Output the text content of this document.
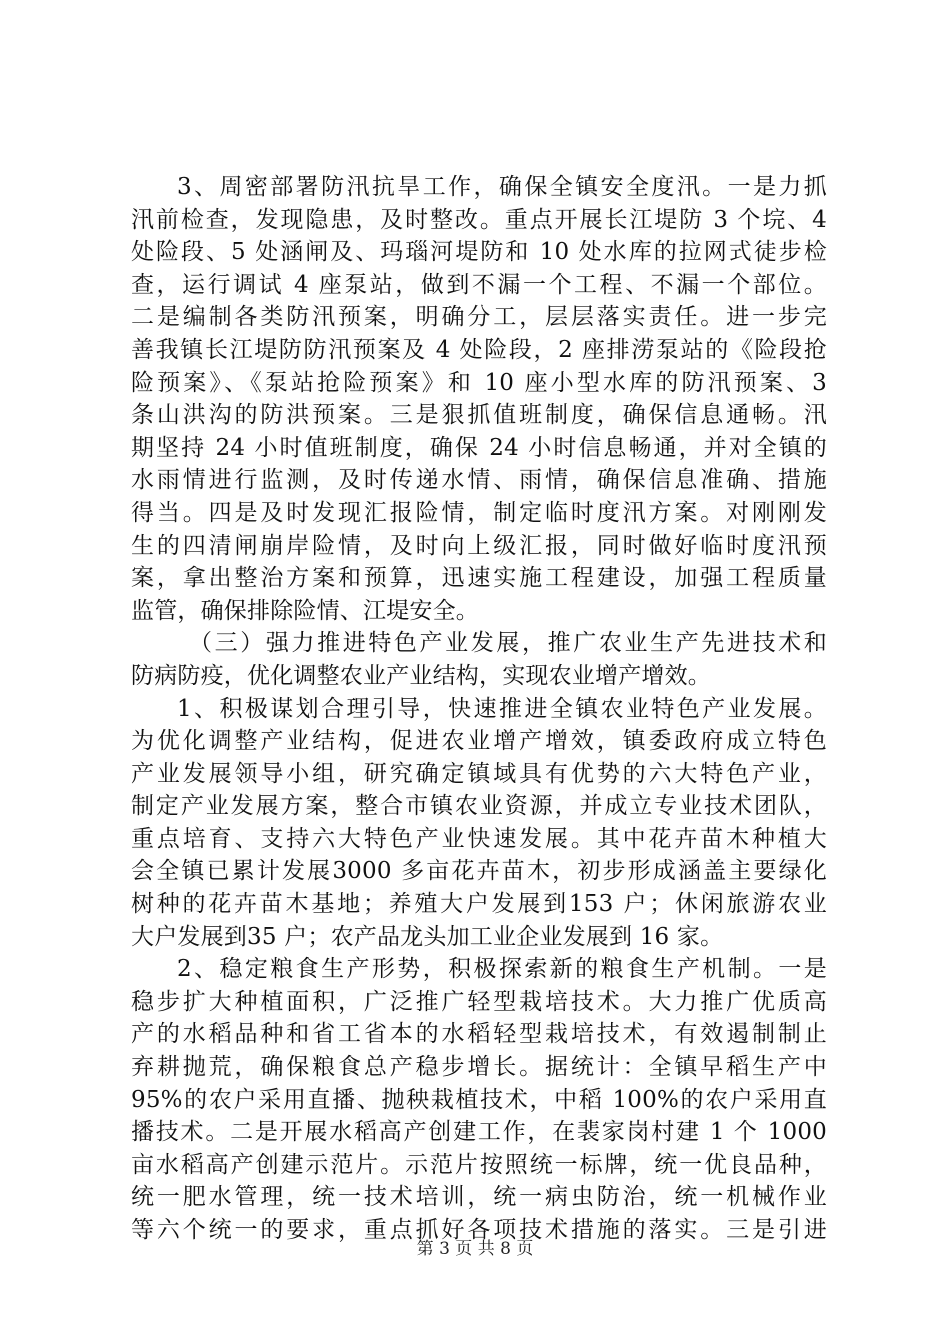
3、周密部署防汛抗旱工作，确保全镇安全度汛。一是力抓
汛前检查，发现隐患，及时整改。重点开展长江堤防 3 个垸、4
处险段、5 处涵闸及、玛瑙河堤防和 10 处水库的拉网式徒步检
查，运行调试 4 座泵站，做到不漏一个工程、不漏一个部位。
二是编制各类防汛预案，明确分工，层层落实责任。进一步完
善我镇长江堤防防汛预案及 4 处险段，2 座排涝泵站的《险段抢
险预案》、《泵站抢险预案》和 10 座小型水库的防汛预案、3
条山洪沟的防洪预案。三是狠抓值班制度，确保信息通畅。汛
期坚持 24 小时值班制度，确保 24 小时信息畅通，并对全镇的
水雨情进行监测，及时传递水情、雨情，确保信息准确、措施
得当。四是及时发现汇报险情，制定临时度汛方案。对刚刚发
生的四清闸崩岸险情，及时向上级汇报，同时做好临时度汛预
案，拿出整治方案和预算，迅速实施工程建设，加强工程质量
监管，确保排除险情、江堤安全。
（三）强力推进特色产业发展，推广农业生产先进技术和
防病防疫，优化调整农业产业结构，实现农业增产增效。
1、积极谋划合理引导，快速推进全镇农业特色产业发展。
为优化调整产业结构，促进农业增产增效，镇委政府成立特色
产业发展领导小组，研究确定镇域具有优势的六大特色产业，
制定产业发展方案，整合市镇农业资源，并成立专业技术团队，
重点培育、支持六大特色产业快速发展。其中花卉苗木种植大
会全镇已累计发展3000 多亩花卉苗木，初步形成涵盖主要绿化
树种的花卉苗木基地；养殖大户发展到153 户；休闲旅游农业
大户发展到35 户；农产品龙头加工业企业发展到 16 家。
2、稳定粮食生产形势，积极探索新的粮食生产机制。一是
稳步扩大种植面积，广泛推广轻型栽培技术。大力推广优质高
产的水稻品种和省工省本的水稻轻型栽培技术，有效遏制制止
弃耕抛荒，确保粮食总产稳步增长。据统计：全镇早稻生产中
95%的农户采用直播、抛秧栽植技术，中稻 100%的农户采用直
播技术。二是开展水稻高产创建工作，在裴家岗村建 1 个 1000
亩水稻高产创建示范片。示范片按照统一标牌，统一优良品种，
统一肥水管理，统一技术培训，统一病虫防治，统一机械作业
等六个统一的要求，重点抓好各项技术措施的落实。三是引进
第 3 页 共 8 页
